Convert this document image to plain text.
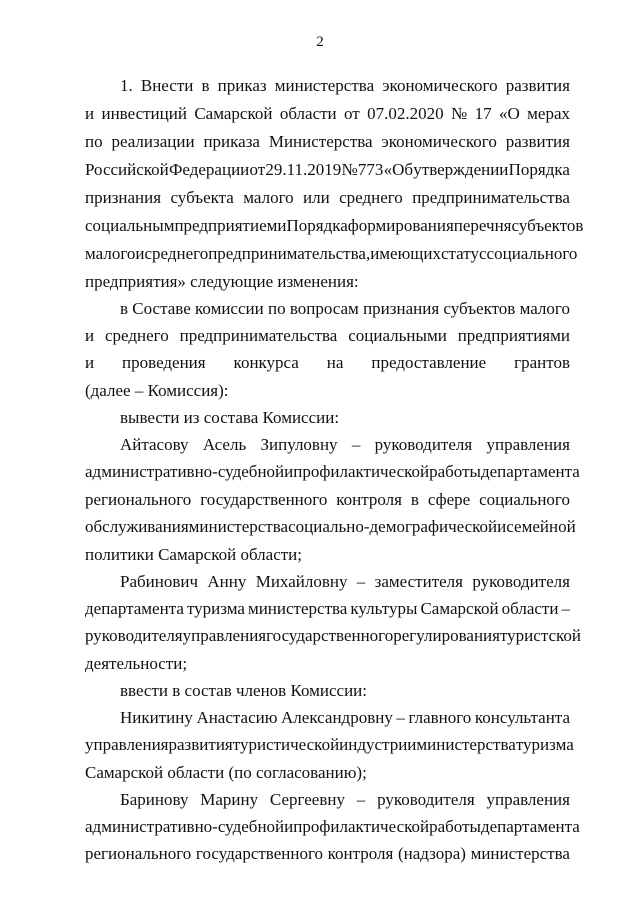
2
1. Внести в приказ министерства экономического развития
и инвестиций Самарской области от 07.02.2020 № 17 «О мерах
по реализации приказа Министерства экономического развития
Российской Федерации от 29.11.2019 № 773 «Об утверждении Порядка
признания субъекта малого или среднего предпринимательства
социальным предприятием и Порядка формирования перечня субъектов
малого и среднего предпринимательства, имеющих статус социального
предприятия» следующие изменения:
в Составе комиссии по вопросам признания субъектов малого
и среднего предпринимательства социальными предприятиями
и проведения конкурса на предоставление грантов
(далее – Комиссия):
вывести из состава Комиссии:
Айтасову Асель Зипуловну – руководителя управления
административно-судебной и профилактической работы департамента
регионального государственного контроля в сфере социального
обслуживания министерства социально-демографической и семейной
политики Самарской области;
Рабинович Анну Михайловну – заместителя руководителя
департамента туризма министерства культуры Самарской области –
руководителя управления государственного регулирования туристской
деятельности;
ввести в состав членов Комиссии:
Никитину Анастасию Александровну – главного консультанта
управления развития туристической индустрии министерства туризма
Самарской области (по согласованию);
Баринову Марину Сергеевну – руководителя управления
административно-судебной и профилактической работы департамента
регионального государственного контроля (надзора) министерства
